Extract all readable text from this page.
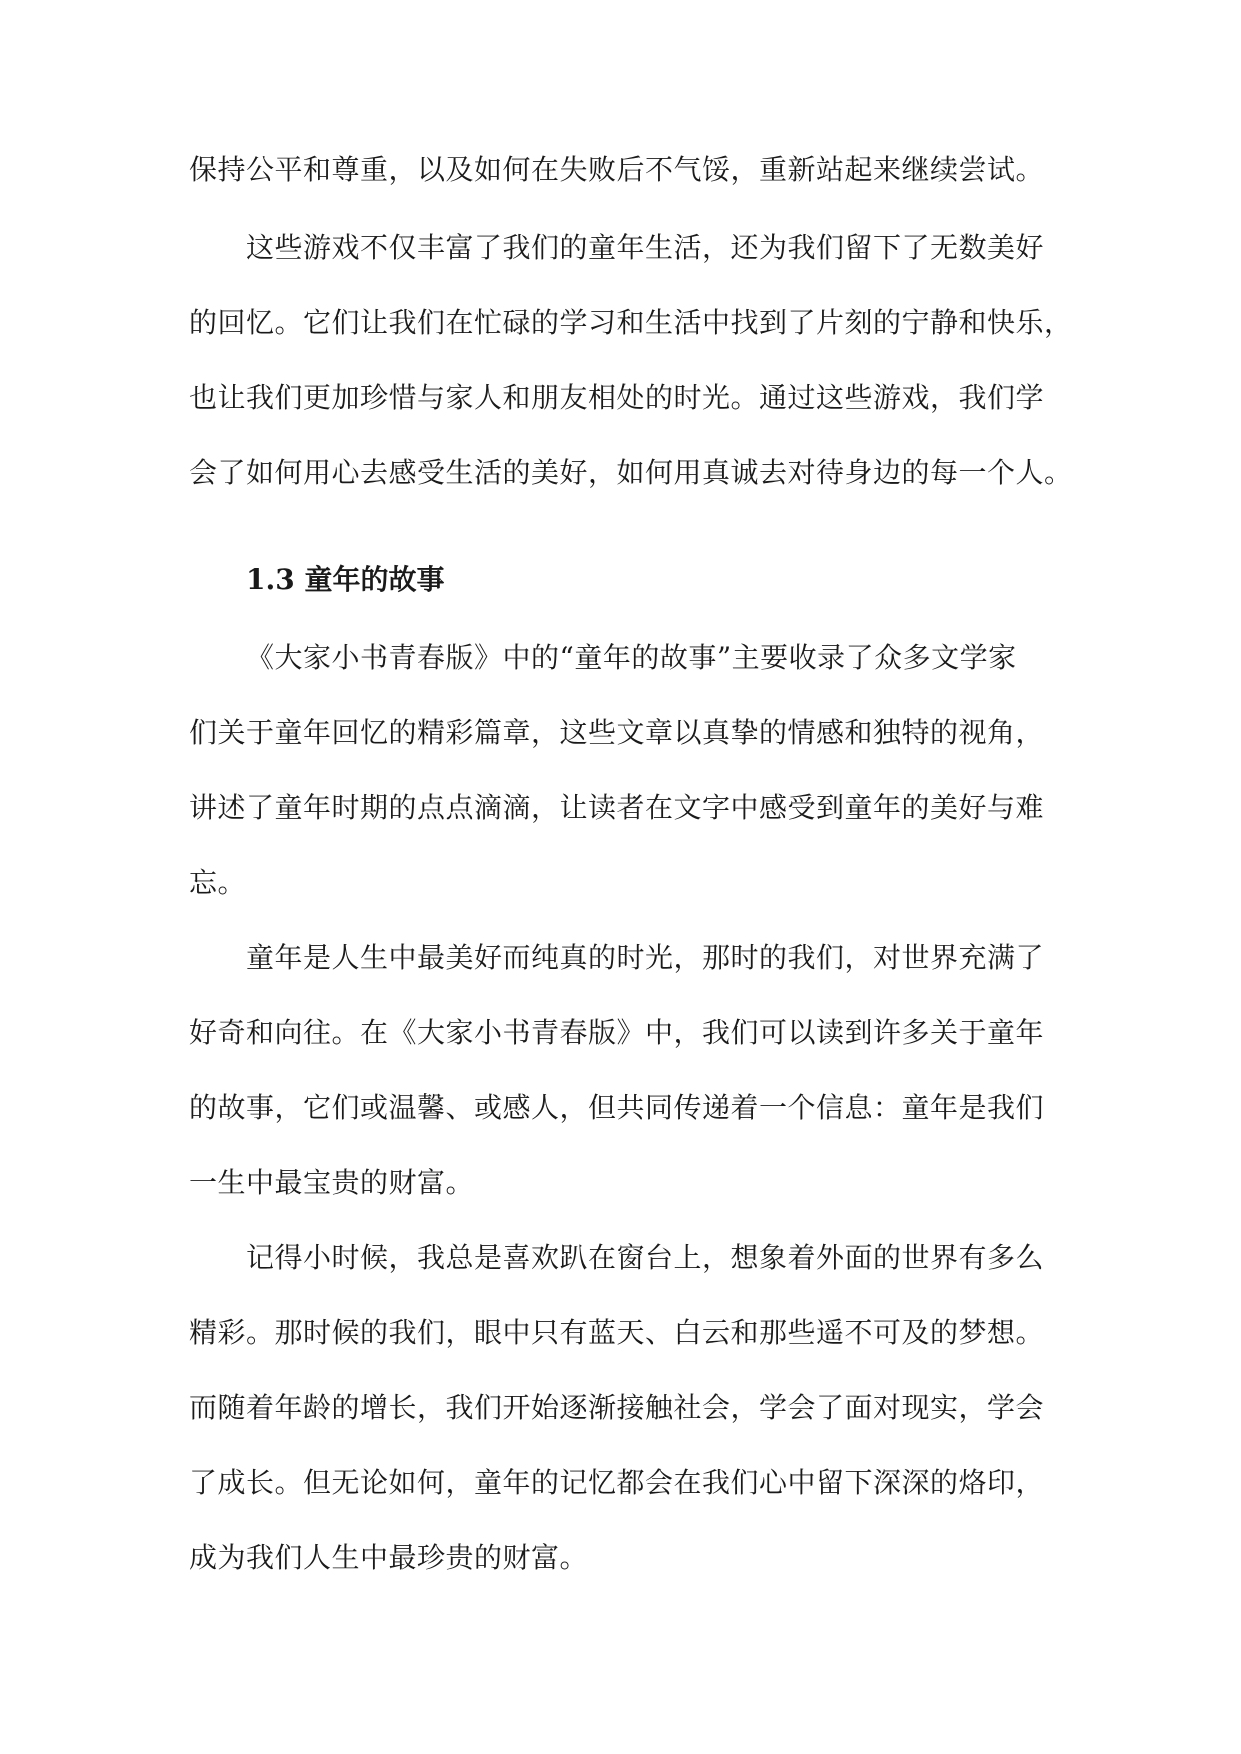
保持公平和尊重，以及如何在失败后不气馁，重新站起来继续尝试。
这些游戏不仅丰富了我们的童年生活，还为我们留下了无数美好
的回忆。它们让我们在忙碌的学习和生活中找到了片刻的宁静和快乐，
也让我们更加珍惜与家人和朋友相处的时光。通过这些游戏，我们学
会了如何用心去感受生活的美好，如何用真诚去对待身边的每一个人。
1.3 童年的故事
《大家小书青春版》中的“童年的故事”主要收录了众多文学家
们关于童年回忆的精彩篇章，这些文章以真挚的情感和独特的视角，
讲述了童年时期的点点滴滴，让读者在文字中感受到童年的美好与难
忘。
童年是人生中最美好而纯真的时光，那时的我们，对世界充满了
好奇和向往。在《大家小书青春版》中，我们可以读到许多关于童年
的故事，它们或温馨、或感人，但共同传递着一个信息：童年是我们
一生中最宝贵的财富。
记得小时候，我总是喜欢趴在窗台上，想象着外面的世界有多么
精彩。那时候的我们，眼中只有蓝天、白云和那些遥不可及的梦想。
而随着年龄的增长，我们开始逐渐接触社会，学会了面对现实，学会
了成长。但无论如何，童年的记忆都会在我们心中留下深深的烙印，
成为我们人生中最珍贵的财富。
